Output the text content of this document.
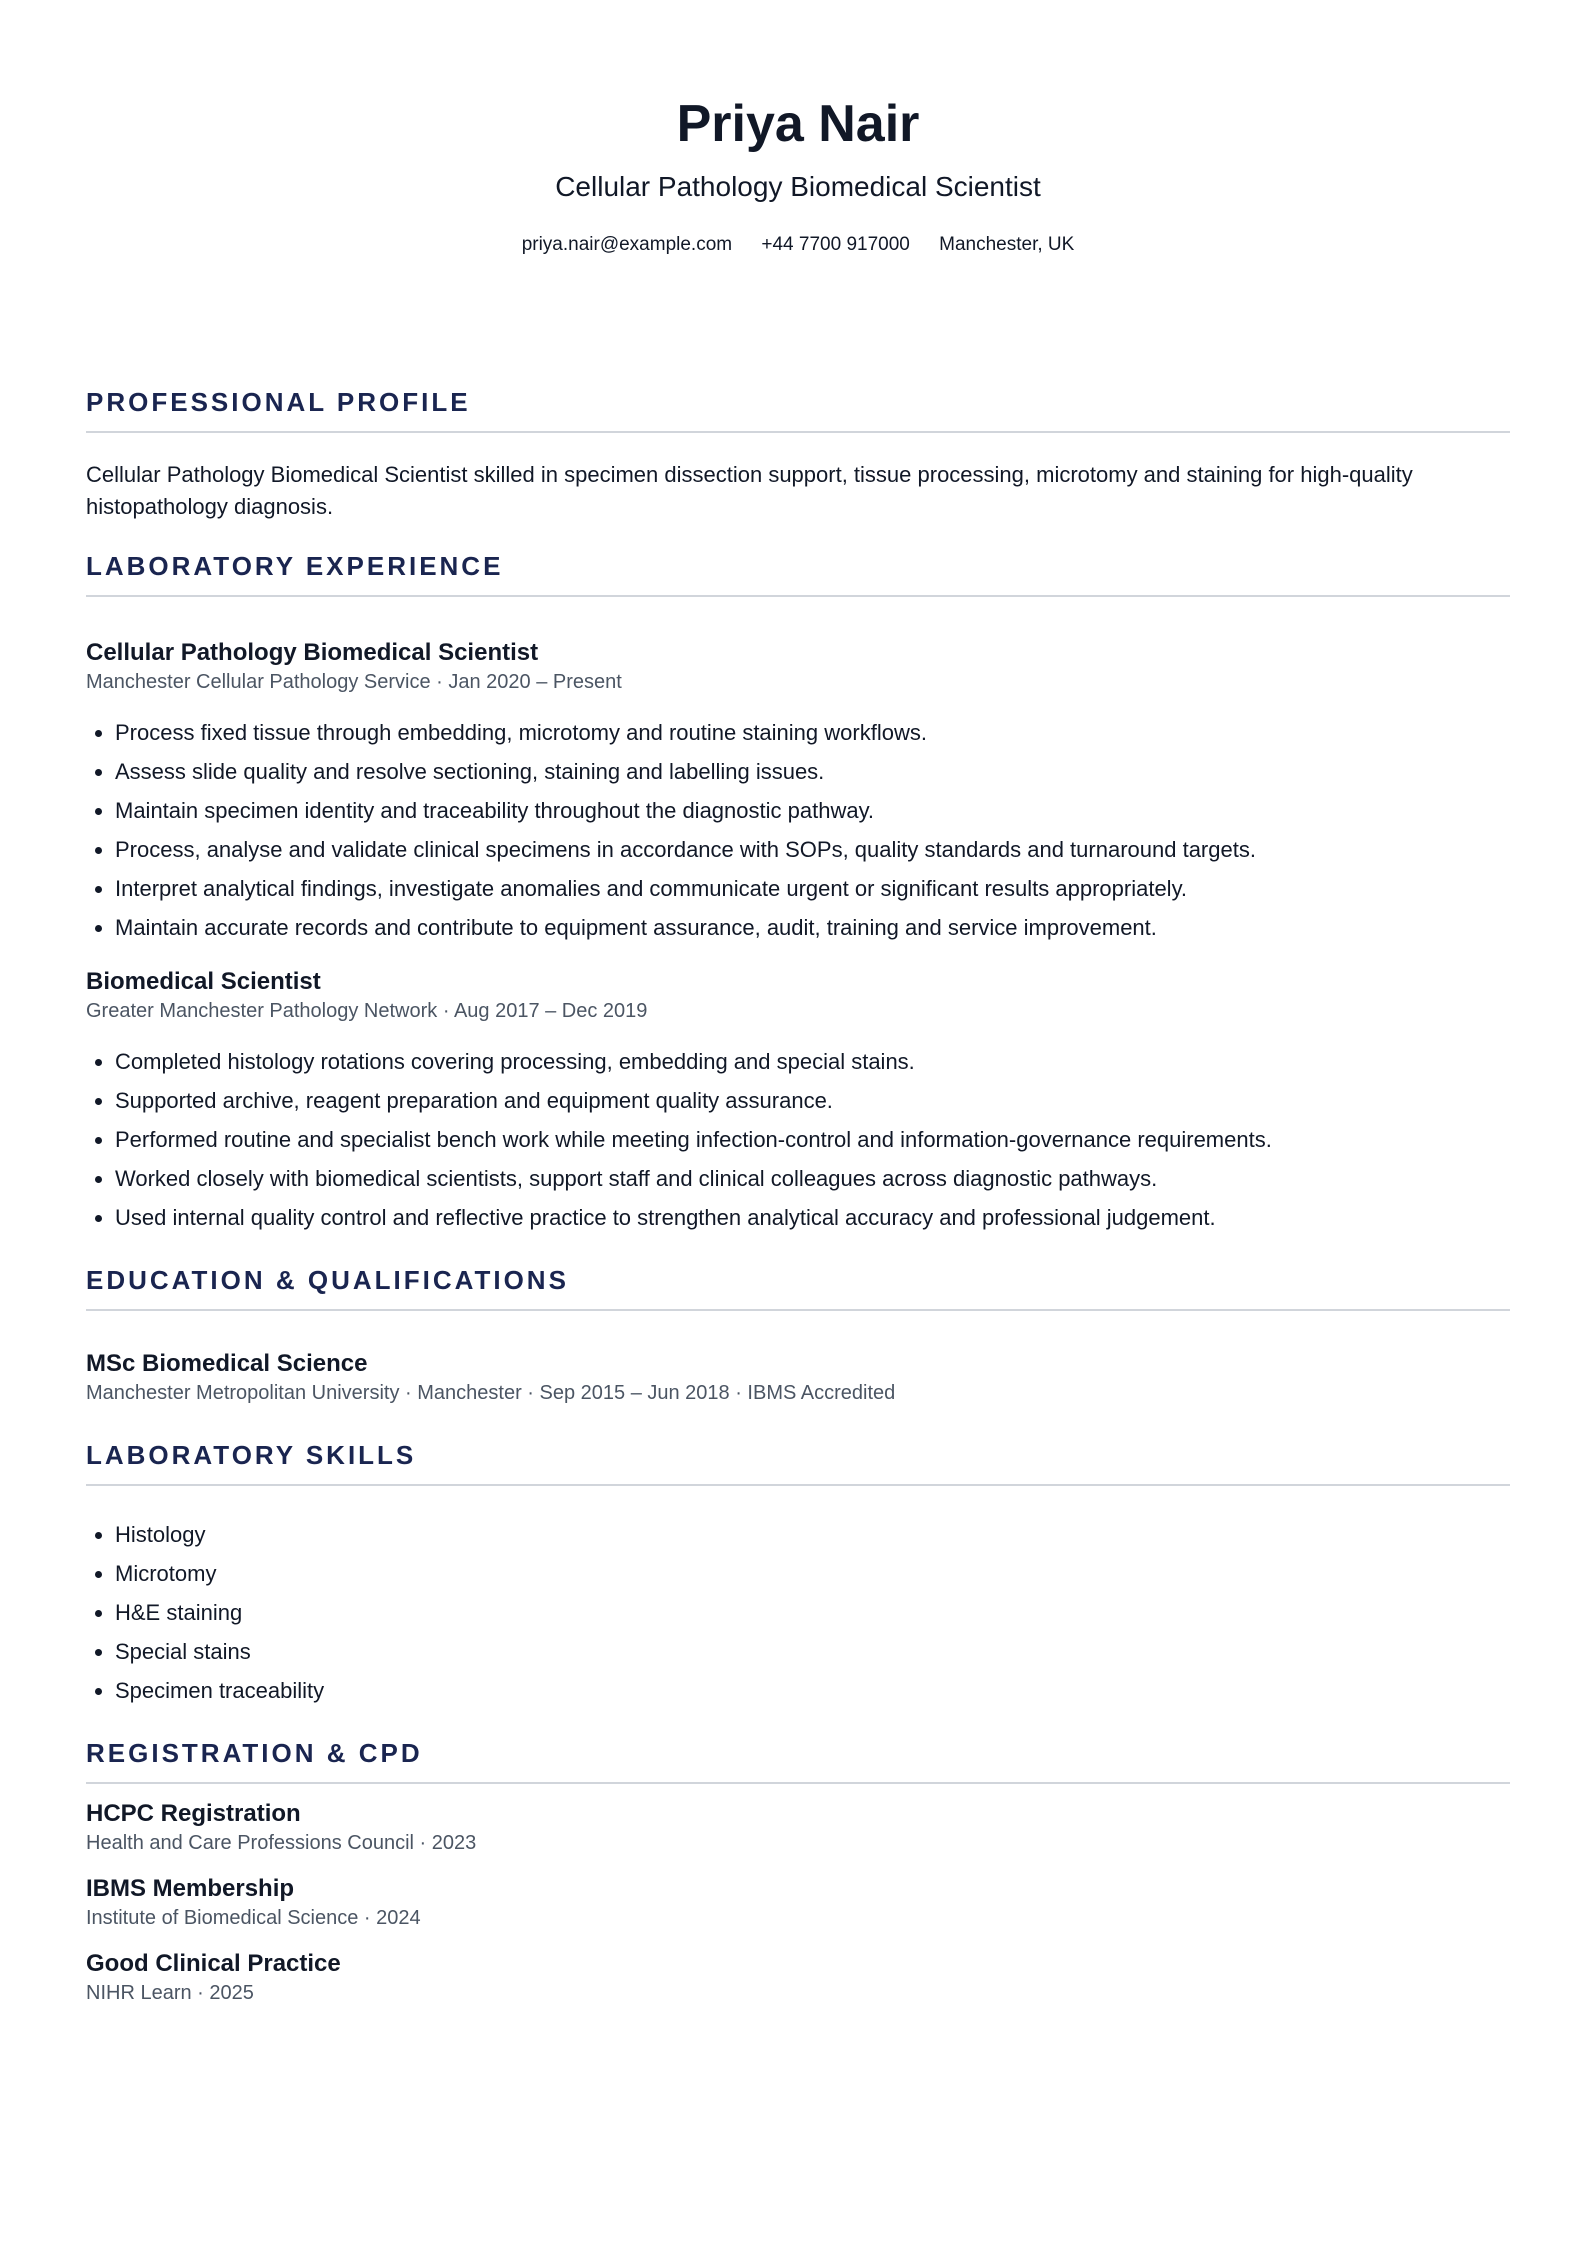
Priya Nair
Cellular Pathology Biomedical Scientist
priya.nair@example.com +44 7700 917000 Manchester, UK
PROFESSIONAL PROFILE
Cellular Pathology Biomedical Scientist skilled in specimen dissection support, tissue processing, microtomy and staining for high-quality histopathology diagnosis.
LABORATORY EXPERIENCE
Cellular Pathology Biomedical Scientist
Manchester Cellular Pathology Service · Jan 2020 – Present
• Process fixed tissue through embedding, microtomy and routine staining workflows.
• Assess slide quality and resolve sectioning, staining and labelling issues.
• Maintain specimen identity and traceability throughout the diagnostic pathway.
• Process, analyse and validate clinical specimens in accordance with SOPs, quality standards and turnaround targets.
• Interpret analytical findings, investigate anomalies and communicate urgent or significant results appropriately.
• Maintain accurate records and contribute to equipment assurance, audit, training and service improvement.
Biomedical Scientist
Greater Manchester Pathology Network · Aug 2017 – Dec 2019
• Completed histology rotations covering processing, embedding and special stains.
• Supported archive, reagent preparation and equipment quality assurance.
• Performed routine and specialist bench work while meeting infection-control and information-governance requirements.
• Worked closely with biomedical scientists, support staff and clinical colleagues across diagnostic pathways.
• Used internal quality control and reflective practice to strengthen analytical accuracy and professional judgement.
EDUCATION & QUALIFICATIONS
MSc Biomedical Science
Manchester Metropolitan University · Manchester · Sep 2015 – Jun 2018 · IBMS Accredited
LABORATORY SKILLS
• Histology
• Microtomy
• H&E staining
• Special stains
• Specimen traceability
REGISTRATION & CPD
HCPC Registration
Health and Care Professions Council · 2023
IBMS Membership
Institute of Biomedical Science · 2024
Good Clinical Practice
NIHR Learn · 2025
